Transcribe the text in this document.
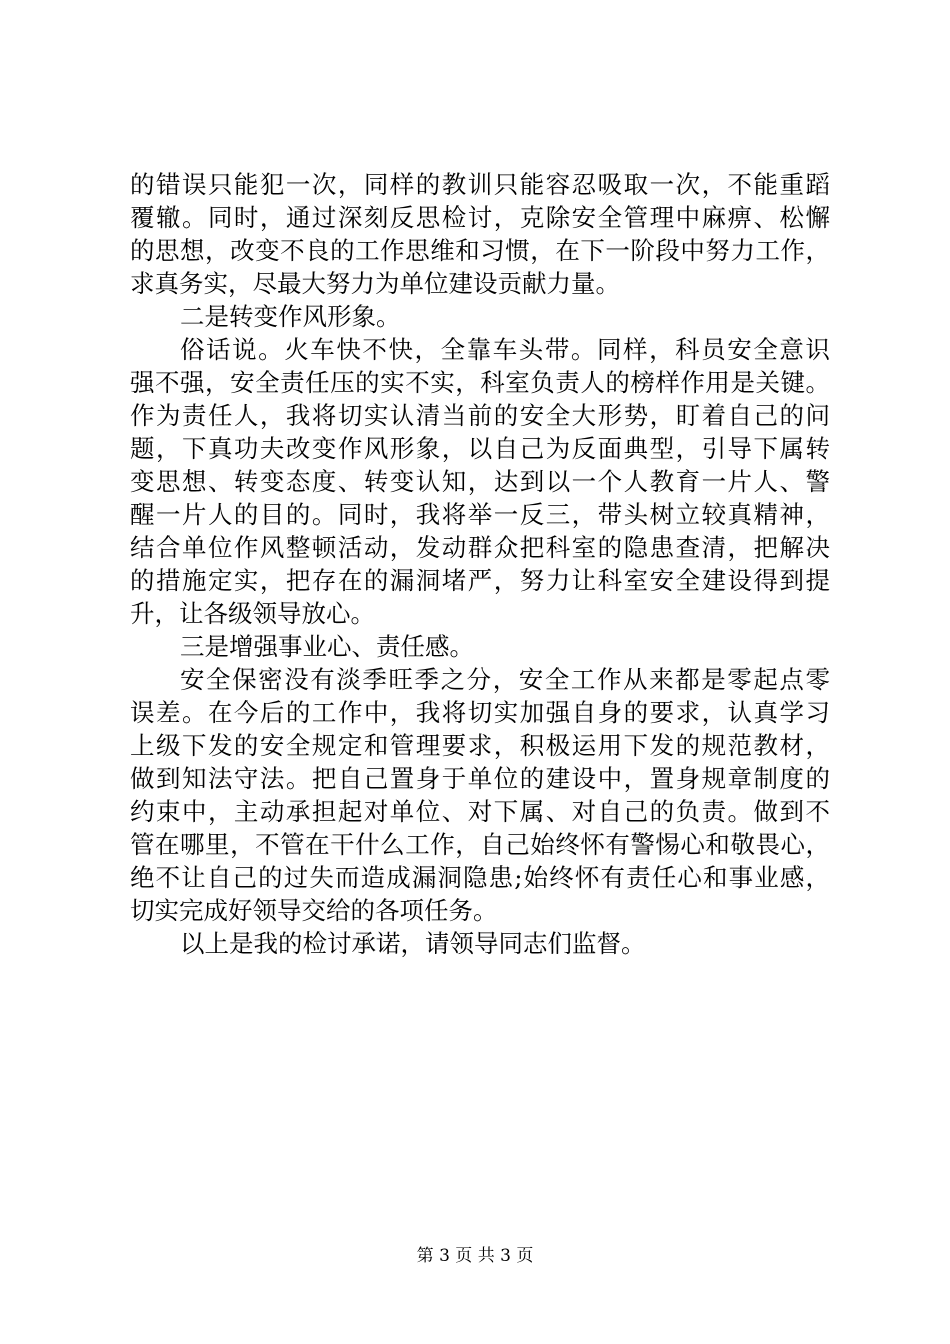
的错误只能犯一次，同样的教训只能容忍吸取一次，不能重蹈
覆辙。同时，通过深刻反思检讨，克除安全管理中麻痹、松懈
的思想，改变不良的工作思维和习惯，在下一阶段中努力工作，
求真务实，尽最大努力为单位建设贡献力量。
二是转变作风形象。
俗话说。火车快不快，全靠车头带。同样，科员安全意识
强不强，安全责任压的实不实，科室负责人的榜样作用是关键。
作为责任人，我将切实认清当前的安全大形势，盯着自己的问
题，下真功夫改变作风形象，以自己为反面典型，引导下属转
变思想、转变态度、转变认知，达到以一个人教育一片人、警
醒一片人的目的。同时，我将举一反三，带头树立较真精神，
结合单位作风整顿活动，发动群众把科室的隐患查清，把解决
的措施定实，把存在的漏洞堵严，努力让科室安全建设得到提
升，让各级领导放心。
三是增强事业心、责任感。
安全保密没有淡季旺季之分，安全工作从来都是零起点零
误差。在今后的工作中，我将切实加强自身的要求，认真学习
上级下发的安全规定和管理要求，积极运用下发的规范教材，
做到知法守法。把自己置身于单位的建设中，置身规章制度的
约束中，主动承担起对单位、对下属、对自己的负责。做到不
管在哪里，不管在干什么工作，自己始终怀有警惕心和敬畏心，
绝不让自己的过失而造成漏洞隐患;始终怀有责任心和事业感，
切实完成好领导交给的各项任务。
以上是我的检讨承诺，请领导同志们监督。
第 3 页 共 3 页
